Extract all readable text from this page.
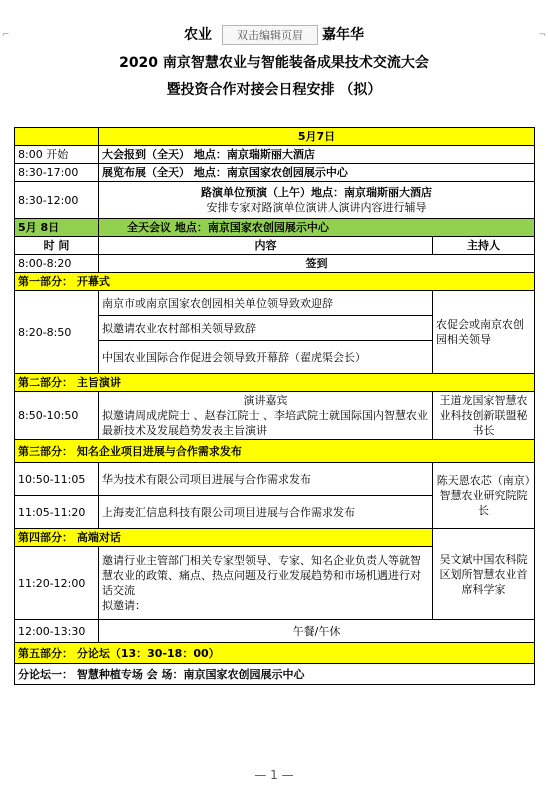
⌐	¬
农业	嘉年华
双击编辑页眉
2020 南京智慧农业与智能装备成果技术交流大会
暨投资合作对接会日程安排 （拟）
	5月7日	
8:00 开始	大会报到（全天） 地点：南京瑞斯丽大酒店	
8:30-17:00	展览布展（全天） 地点：南京国家农创园展示中心	
8:30-12:00	路演单位预演（上午）地点：南京瑞斯丽大酒店
安排专家对路演单位演讲人演讲内容进行辅导	

5月 8日	全天会议 地点：南京国家农创园展示中心	
时 间	内容	主持人
8:00-8:20	签到	
第一部分： 开幕式		
8:20-8:50	南京市或南京国家农创园相关单位领导致欢迎辞	农促会或南京农创园相关领导
	拟邀请农业农村部相关领导致辞	
	中国农业国际合作促进会领导致开幕辞（翟虎渠会长）	
第二部分： 主旨演讲		
8:50-10:50	演讲嘉宾
拟邀请周成虎院士 、赵春江院士 、李培武院士就国际国内智慧农业最新技术及发展趋势发表主旨演讲	王道龙国家智慧农业科技创新联盟秘书长
第三部分： 知名企业项目进展与合作需求发布		
10:50-11:05	华为技术有限公司项目进展与合作需求发布	陈天恩农芯（南京）智慧农业研究院院长
11:05-11:20	上海麦汇信息科技有限公司项目进展与合作需求发布	
第四部分： 高端对话		吴文斌中国农科院区划所智慧农业首席科学家
11:20-12:00	邀请行业主管部门相关专家型领导、专家、知名企业负责人等就智慧农业的政策、痛点、热点问题及行业发展趋势和市场机遇进行对话交流
拟邀请：	

12:00-13:30	午餐/午休	
第五部分： 分论坛（13：30-18：00）		
分论坛一： 智慧种植专场 会 场：南京国家农创园展示中心		
— 1 —
